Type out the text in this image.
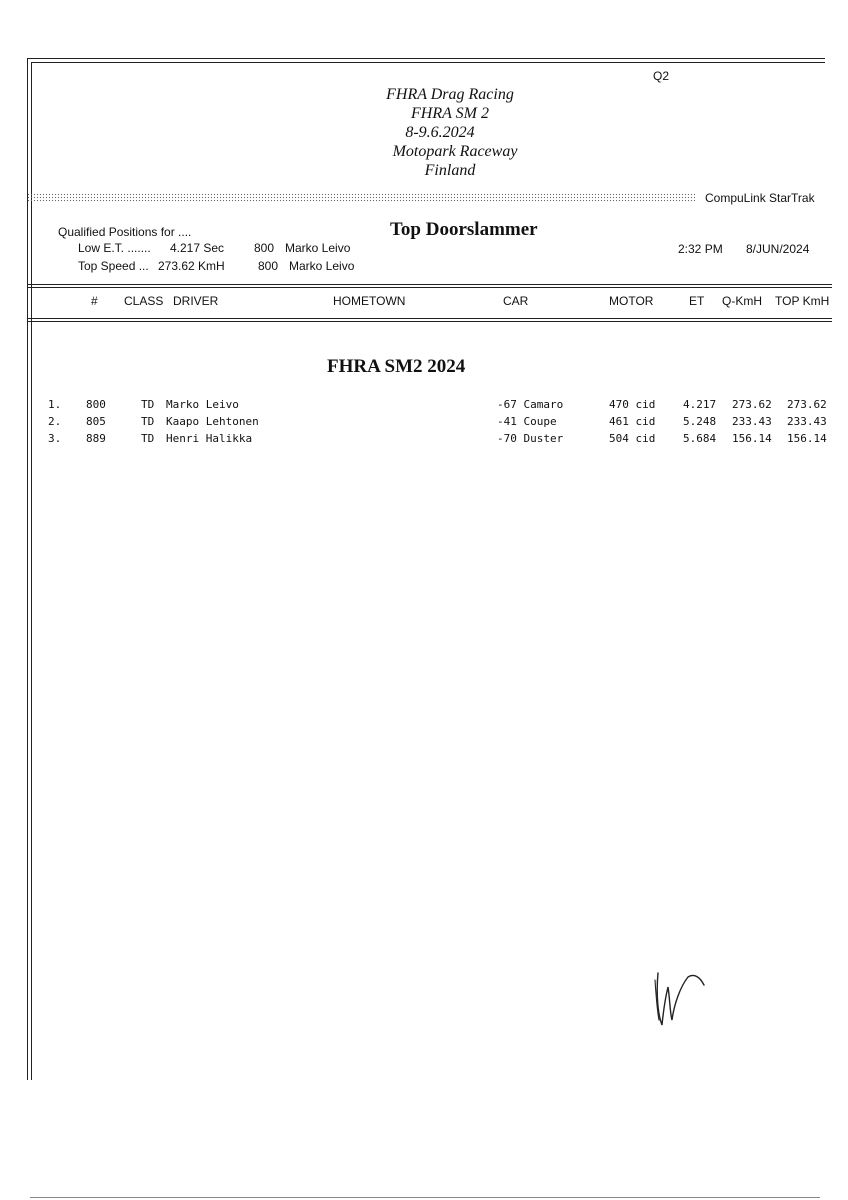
Q2
FHRA Drag Racing
FHRA SM 2
8-9.6.2024
Motopark Raceway
Finland
CompuLink StarTrak
Qualified Positions for ....
Low E.T. ....... 4.217 Sec 800 Marko Leivo
Top Speed ... 273.62 KmH	800 Marko Leivo
Top Doorslammer
2:32 PM 8/JUN/2024
# CLASS DRIVER	HOMETOWN	CAR	MOTOR	ET Q-KmH TOP KmH
FHRA SM2 2024
1. 800	TD Marko Leivo	-67 Camaro	470 cid	4.217 273.62 273.62
2. 805	TD Kaapo Lehtonen	-41 Coupe	461 cid	5.248 233.43 233.43
3. 889	TD Henri Halikka	-70 Duster	504 cid	5.684 156.14 156.14
